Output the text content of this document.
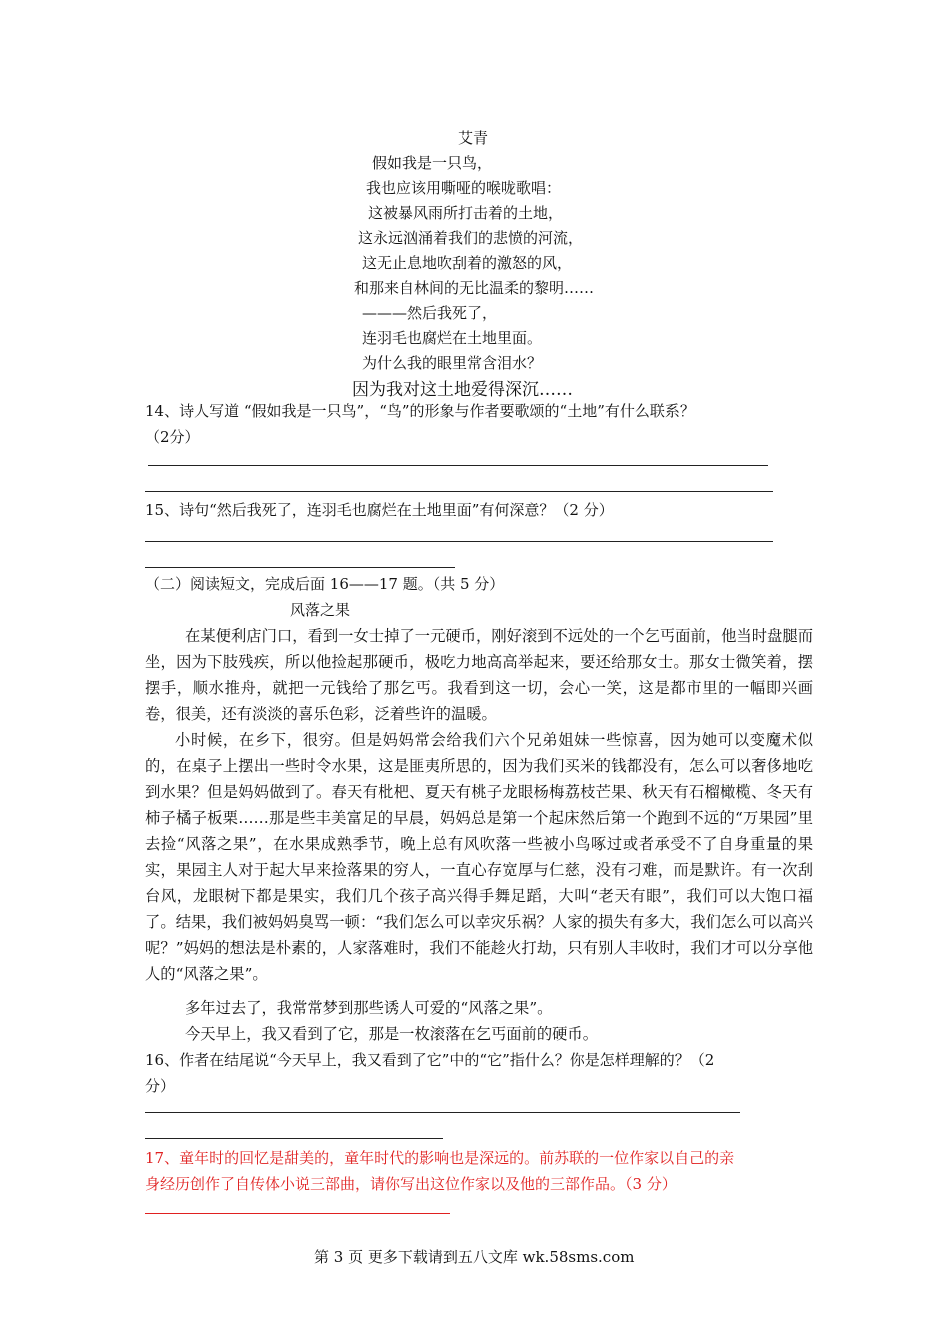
艾青
假如我是一只鸟，
我也应该用嘶哑的喉咙歌唱：
这被暴风雨所打击着的土地，
这永远汹涌着我们的悲愤的河流，
这无止息地吹刮着的激怒的风，
和那来自林间的无比温柔的黎明……
———然后我死了，
连羽毛也腐烂在土地里面。
为什么我的眼里常含泪水？
因为我对这土地爱得深沉……
14、诗人写道 “假如我是一只鸟”，“鸟”的形象与作者要歌颂的“土地”有什么联系？
（2分）
15、诗句“然后我死了，连羽毛也腐烂在土地里面”有何深意？（2 分）
（二）阅读短文，完成后面 16——17 题。（共 5 分）
风落之果
在某便利店门口，看到一女士掉了一元硬币，刚好滚到不远处的一个乞丐面前，他当时盘腿而坐，因为下肢残疾，所以他捡起那硬币，极吃力地高高举起来，要还给那女士。那女士微笑着，摆摆手，顺水推舟，就把一元钱给了那乞丐。我看到这一切，会心一笑，这是都市里的一幅即兴画卷，很美，还有淡淡的喜乐色彩，泛着些许的温暖。
小时候，在乡下，很穷。但是妈妈常会给我们六个兄弟姐妹一些惊喜，因为她可以变魔术似的，在桌子上摆出一些时令水果，这是匪夷所思的，因为我们买米的钱都没有，怎么可以奢侈地吃到水果？但是妈妈做到了。春天有枇杷、夏天有桃子龙眼杨梅荔枝芒果、秋天有石榴橄榄、冬天有柿子橘子板栗……那是些丰美富足的早晨，妈妈总是第一个起床然后第一个跑到不远的“万果园”里去捡“风落之果”，在水果成熟季节，晚上总有风吹落一些被小鸟啄过或者承受不了自身重量的果实，果园主人对于起大早来捡落果的穷人，一直心存宽厚与仁慈，没有刁难，而是默许。有一次刮台风，龙眼树下都是果实，我们几个孩子高兴得手舞足蹈，大叫“老天有眼”，我们可以大饱口福了。结果，我们被妈妈臭骂一顿：“我们怎么可以幸灾乐祸？人家的损失有多大，我们怎么可以高兴呢？”妈妈的想法是朴素的，人家落难时，我们不能趁火打劫，只有别人丰收时，我们才可以分享他人的“风落之果”。
多年过去了，我常常梦到那些诱人可爱的“风落之果”。
今天早上，我又看到了它，那是一枚滚落在乞丐面前的硬币。
16、作者在结尾说“今天早上，我又看到了它”中的“它”指什么？你是怎样理解的？（2
分）
17、童年时的回忆是甜美的，童年时代的影响也是深远的。前苏联的一位作家以自己的亲
身经历创作了自传体小说三部曲，请你写出这位作家以及他的三部作品。（3 分）
第 3 页 更多下载请到五八文库 wk.58sms.com
